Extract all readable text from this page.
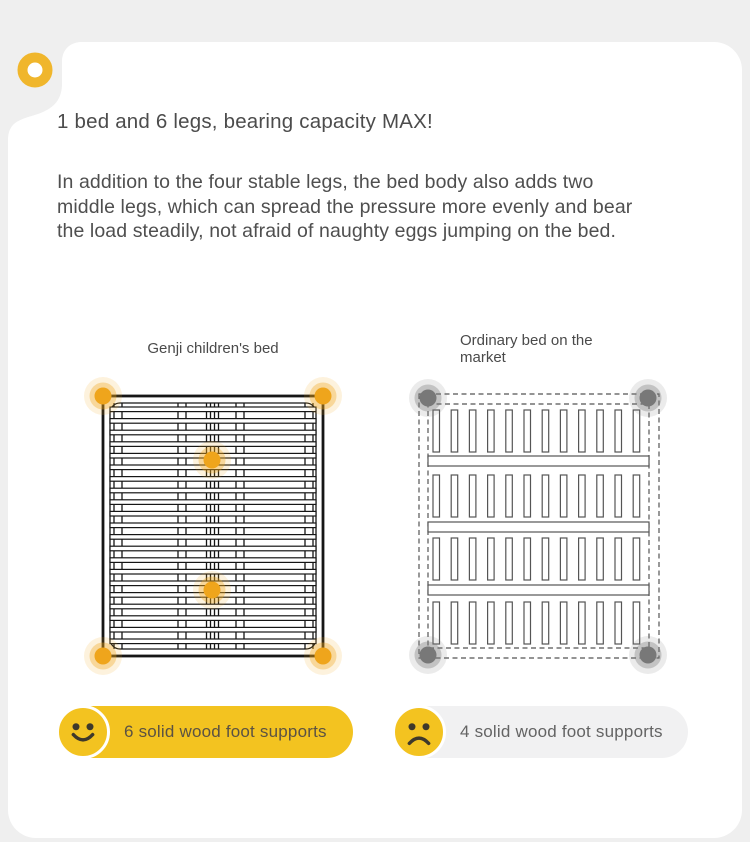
1 bed and 6 legs, bearing capacity MAX!
In addition to the four stable legs, the bed body also adds two
middle legs, which can spread the pressure more evenly and bear
the load steadily, not afraid of naughty eggs jumping on the bed.
Genji children's bed	Ordinary bed on the
market
6 solid wood foot supports	4 solid wood foot supports
